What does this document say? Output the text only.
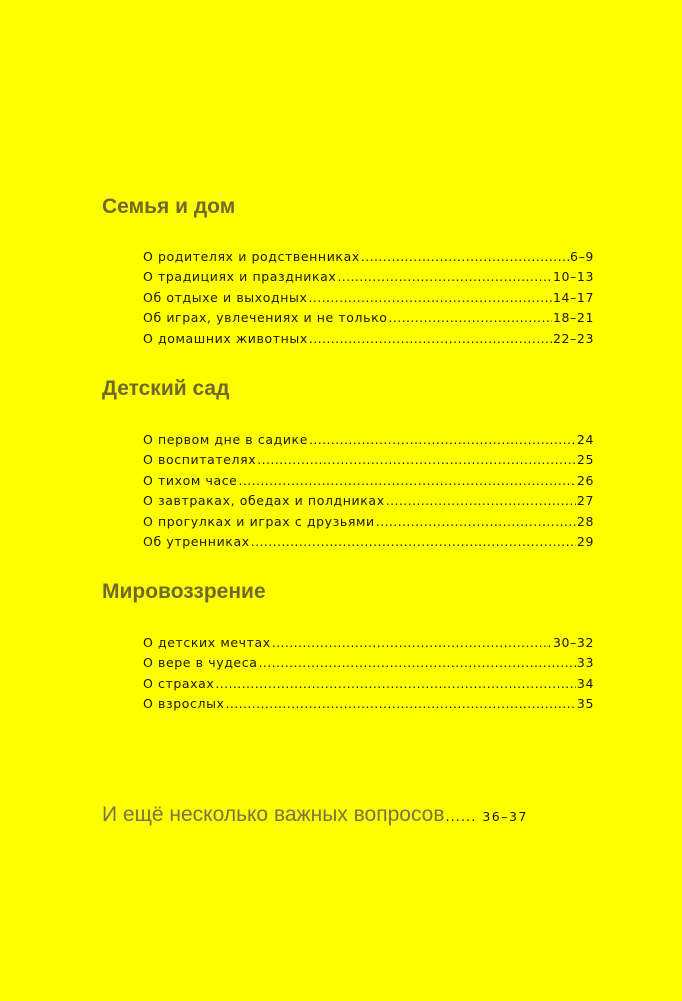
Семья и дом
О родителях и родственниках .....	6–9
О традициях и праздниках .....	10–13
Об отдыхе и выходных .....	14–17
Об играх, увлечениях и не только .....	18–21
О домашних животных .....	22–23
Детский сад
О первом дне в садике .....	24
О воспитателях .....	25
О тихом часе .....	26
О завтраках, обедах и полдниках .....	27
О прогулках и играх с друзьями .....	28
Об утренниках .....	29
Мировоззрение
О детских мечтах .....	30–32
О вере в чудеса .....	33
О страхах .....	34
О взрослых .....	35
И ещё несколько важных вопросов ...... 36–37
